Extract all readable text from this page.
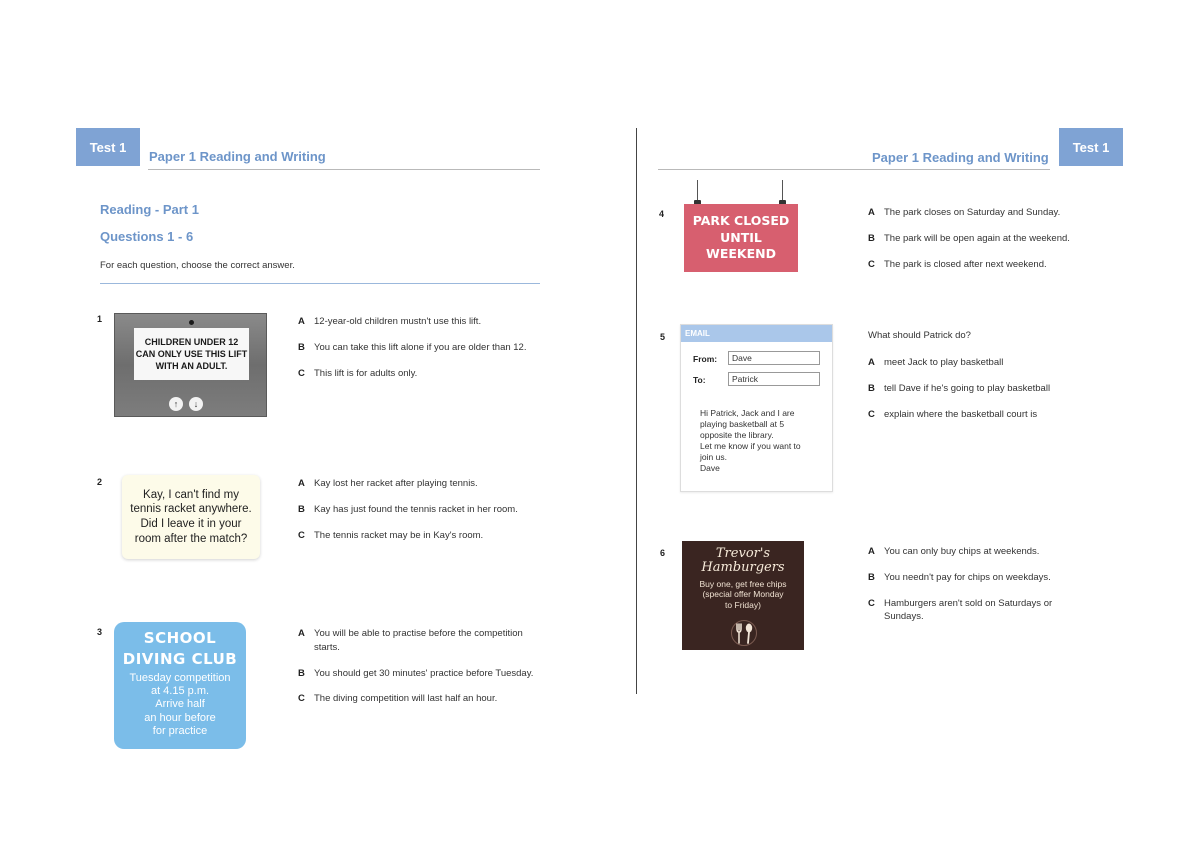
Test 1
Paper 1 Reading and Writing
Reading - Part 1
Questions 1 - 6
For each question, choose the correct answer.
1
CHILDREN UNDER 12
CAN ONLY USE THIS LIFT
WITH AN ADULT.
↑	↓
A 12-year-old children mustn't use this lift.
B You can take this lift alone if you are older than 12.
C This lift is for adults only.
2
Kay, I can't find my
tennis racket anywhere.
Did I leave it in your
room after the match?
A Kay lost her racket after playing tennis.
B Kay has just found the tennis racket in her room.
C The tennis racket may be in Kay's room.
3	SCHOOL
DIVING CLUB
Tuesday competition
at 4.15 p.m.
Arrive half
an hour before
for practice
A You will be able to practise before the competition starts.
B You should get 30 minutes' practice before Tuesday.
C The diving competition will last half an hour.
Paper 1 Reading and Writing
Test 1
4	PARK CLOSED
UNTIL WEEKEND
A The park closes on Saturday and Sunday.
B The park will be open again at the weekend.
C The park is closed after next weekend.
5	EMAIL
From:	Dave
To:	Patrick
Hi Patrick, Jack and I are
playing basketball at 5
opposite the library.
Let me know if you want to
join us.
Dave
What should Patrick do?
A meet Jack to play basketball
B tell Dave if he's going to play basketball
C explain where the basketball court is
6	Trevor's
Hamburgers
Buy one, get free chips
(special offer Monday
to Friday)
A You can only buy chips at weekends.
B You needn't pay for chips on weekdays.
C Hamburgers aren't sold on Saturdays or Sundays.
